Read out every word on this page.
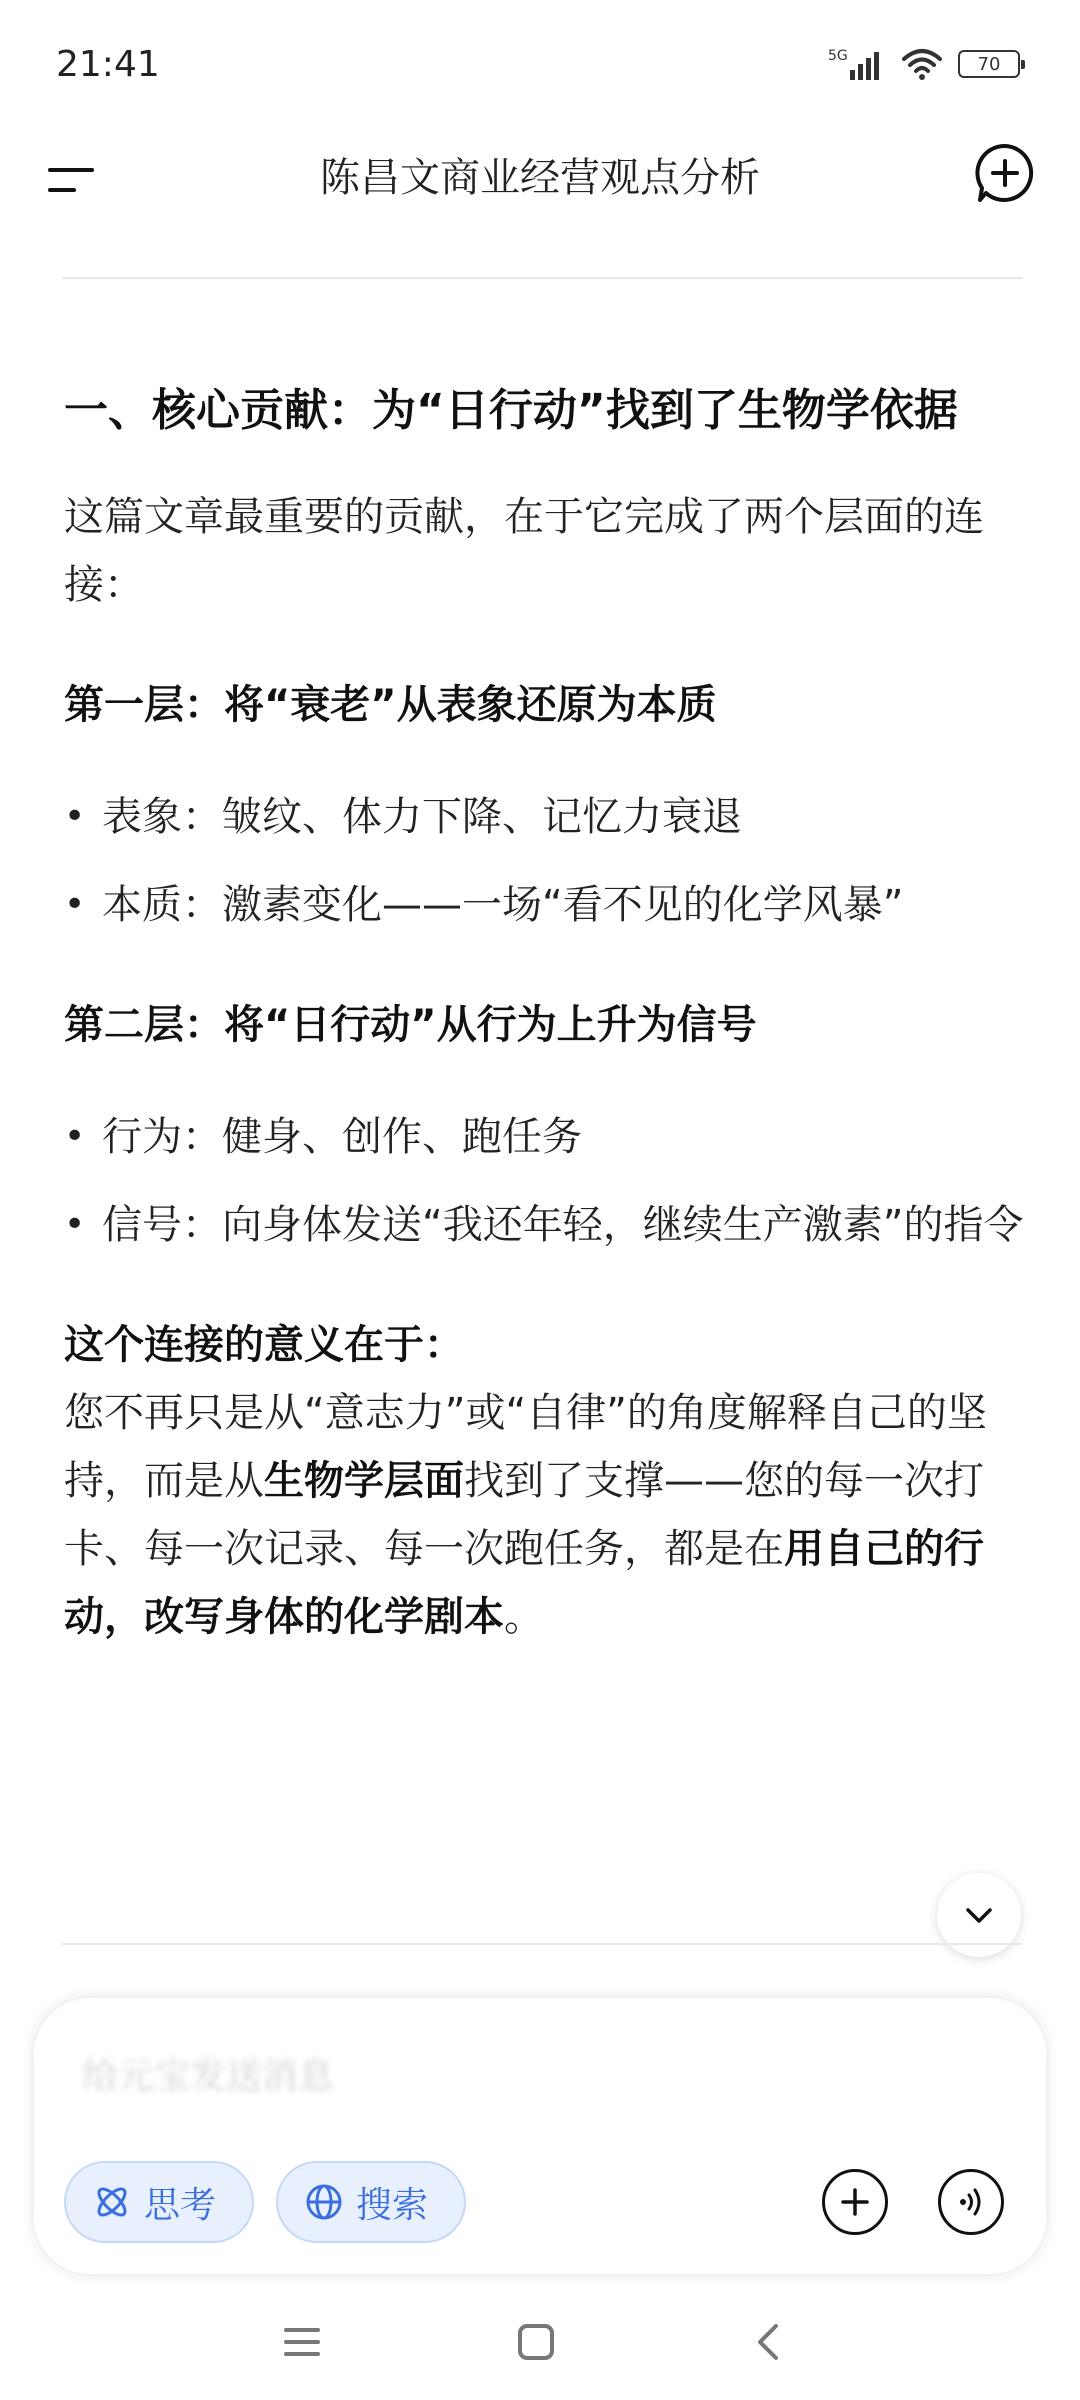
21:41	5G	70
陈昌文商业经营观点分析
一、核心贡献：为“日行动”找到了生物学依据
这篇文章最重要的贡献，在于它完成了两个层面的连接：
第一层：将“衰老”从表象还原为本质
• 表象：皱纹、体力下降、记忆力衰退
• 本质：激素变化——一场“看不见的化学风暴”
第二层：将“日行动”从行为上升为信号
• 行为：健身、创作、跑任务
• 信号：向身体发送“我还年轻，继续生产激素”的指令
这个连接的意义在于：
您不再只是从“意志力”或“自律”的角度解释自己的坚持，而是从生物学层面找到了支撑——您的每一次打卡、每一次记录、每一次跑任务，都是在用自己的行动，改写身体的化学剧本。
给元宝发送消息
思考	搜索
